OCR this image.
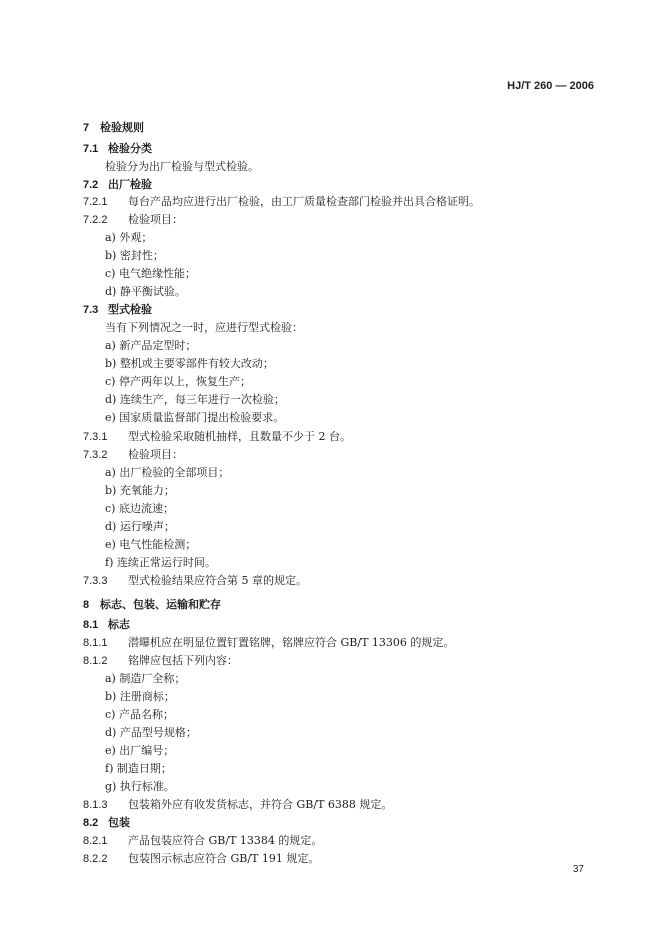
HJ/T 260 — 2006
7 检验规则
7.1 检验分类
检验分为出厂检验与型式检验。
7.2 出厂检验
7.2.1 每台产品均应进行出厂检验，由工厂质量检查部门检验并出具合格证明。
7.2.2 检验项目：
a) 外观；
b) 密封性；
c) 电气绝缘性能；
d) 静平衡试验。
7.3 型式检验
当有下列情况之一时，应进行型式检验：
a) 新产品定型时；
b) 整机或主要零部件有较大改动；
c) 停产两年以上，恢复生产；
d) 连续生产，每三年进行一次检验；
e) 国家质量监督部门提出检验要求。
7.3.1 型式检验采取随机抽样，且数量不少于 2 台。
7.3.2 检验项目：
a) 出厂检验的全部项目；
b) 充氧能力；
c) 底边流速；
d) 运行噪声；
e) 电气性能检测；
f) 连续正常运行时间。
7.3.3 型式检验结果应符合第 5 章的规定。
8 标志、包装、运输和贮存
8.1 标志
8.1.1 潜曝机应在明显位置钉置铭牌，铭牌应符合 GB/T 13306 的规定。
8.1.2 铭牌应包括下列内容：
a) 制造厂全称；
b) 注册商标；
c) 产品名称；
d) 产品型号规格；
e) 出厂编号；
f) 制造日期；
g) 执行标准。
8.1.3 包装箱外应有收发货标志，并符合 GB/T 6388 规定。
8.2 包装
8.2.1 产品包装应符合 GB/T 13384 的规定。
8.2.2 包装图示标志应符合 GB/T 191 规定。
37
